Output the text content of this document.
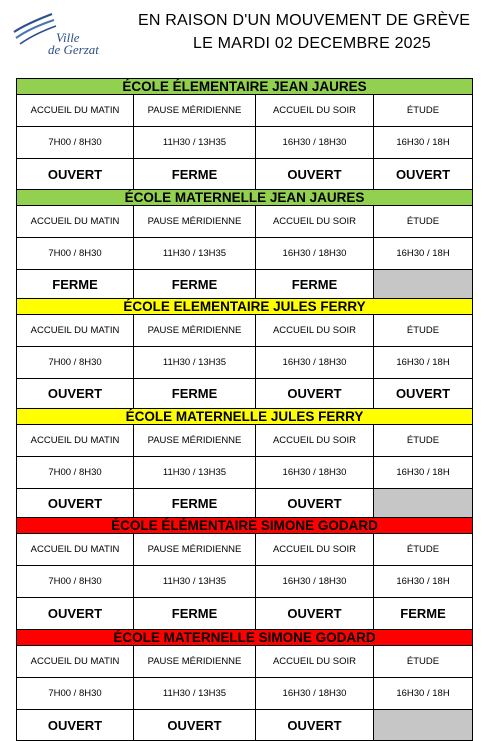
Ville
de Gerzat
EN RAISON D'UN MOUVEMENT DE GRÈVE
LE MARDI 02 DECEMBRE 2025
ÉCOLE ÉLEMENTAIRE JEAN JAURES			
ACCUEIL DU MATIN	PAUSE MÉRIDIENNE	ACCUEIL DU SOIR	ÉTUDE
7H00 / 8H30	11H30 / 13H35	16H30 / 18H30	16H30 / 18H
OUVERT	FERME	OUVERT	OUVERT
ÉCOLE MATERNELLE JEAN JAURES			
ACCUEIL DU MATIN	PAUSE MÉRIDIENNE	ACCUEIL DU SOIR	ÉTUDE
7H00 / 8H30	11H30 / 13H35	16H30 / 18H30	16H30 / 18H
FERME	FERME	FERME	
ÉCOLE ELEMENTAIRE JULES FERRY			
ACCUEIL DU MATIN	PAUSE MÉRIDIENNE	ACCUEIL DU SOIR	ÉTUDE
7H00 / 8H30	11H30 / 13H35	16H30 / 18H30	16H30 / 18H
OUVERT	FERME	OUVERT	OUVERT
ÉCOLE MATERNELLE JULES FERRY			
ACCUEIL DU MATIN	PAUSE MÉRIDIENNE	ACCUEIL DU SOIR	ÉTUDE
7H00 / 8H30	11H30 / 13H35	16H30 / 18H30	16H30 / 18H
OUVERT	FERME	OUVERT	
ÉCOLE ÉLÉMENTAIRE SIMONE GODARD			
ACCUEIL DU MATIN	PAUSE MÉRIDIENNE	ACCUEIL DU SOIR	ÉTUDE
7H00 / 8H30	11H30 / 13H35	16H30 / 18H30	16H30 / 18H
OUVERT	FERME	OUVERT	FERME
ÉCOLE MATERNELLE SIMONE GODARD			
ACCUEIL DU MATIN	PAUSE MÉRIDIENNE	ACCUEIL DU SOIR	ÉTUDE
7H00 / 8H30	11H30 / 13H35	16H30 / 18H30	16H30 / 18H
OUVERT	OUVERT	OUVERT	
